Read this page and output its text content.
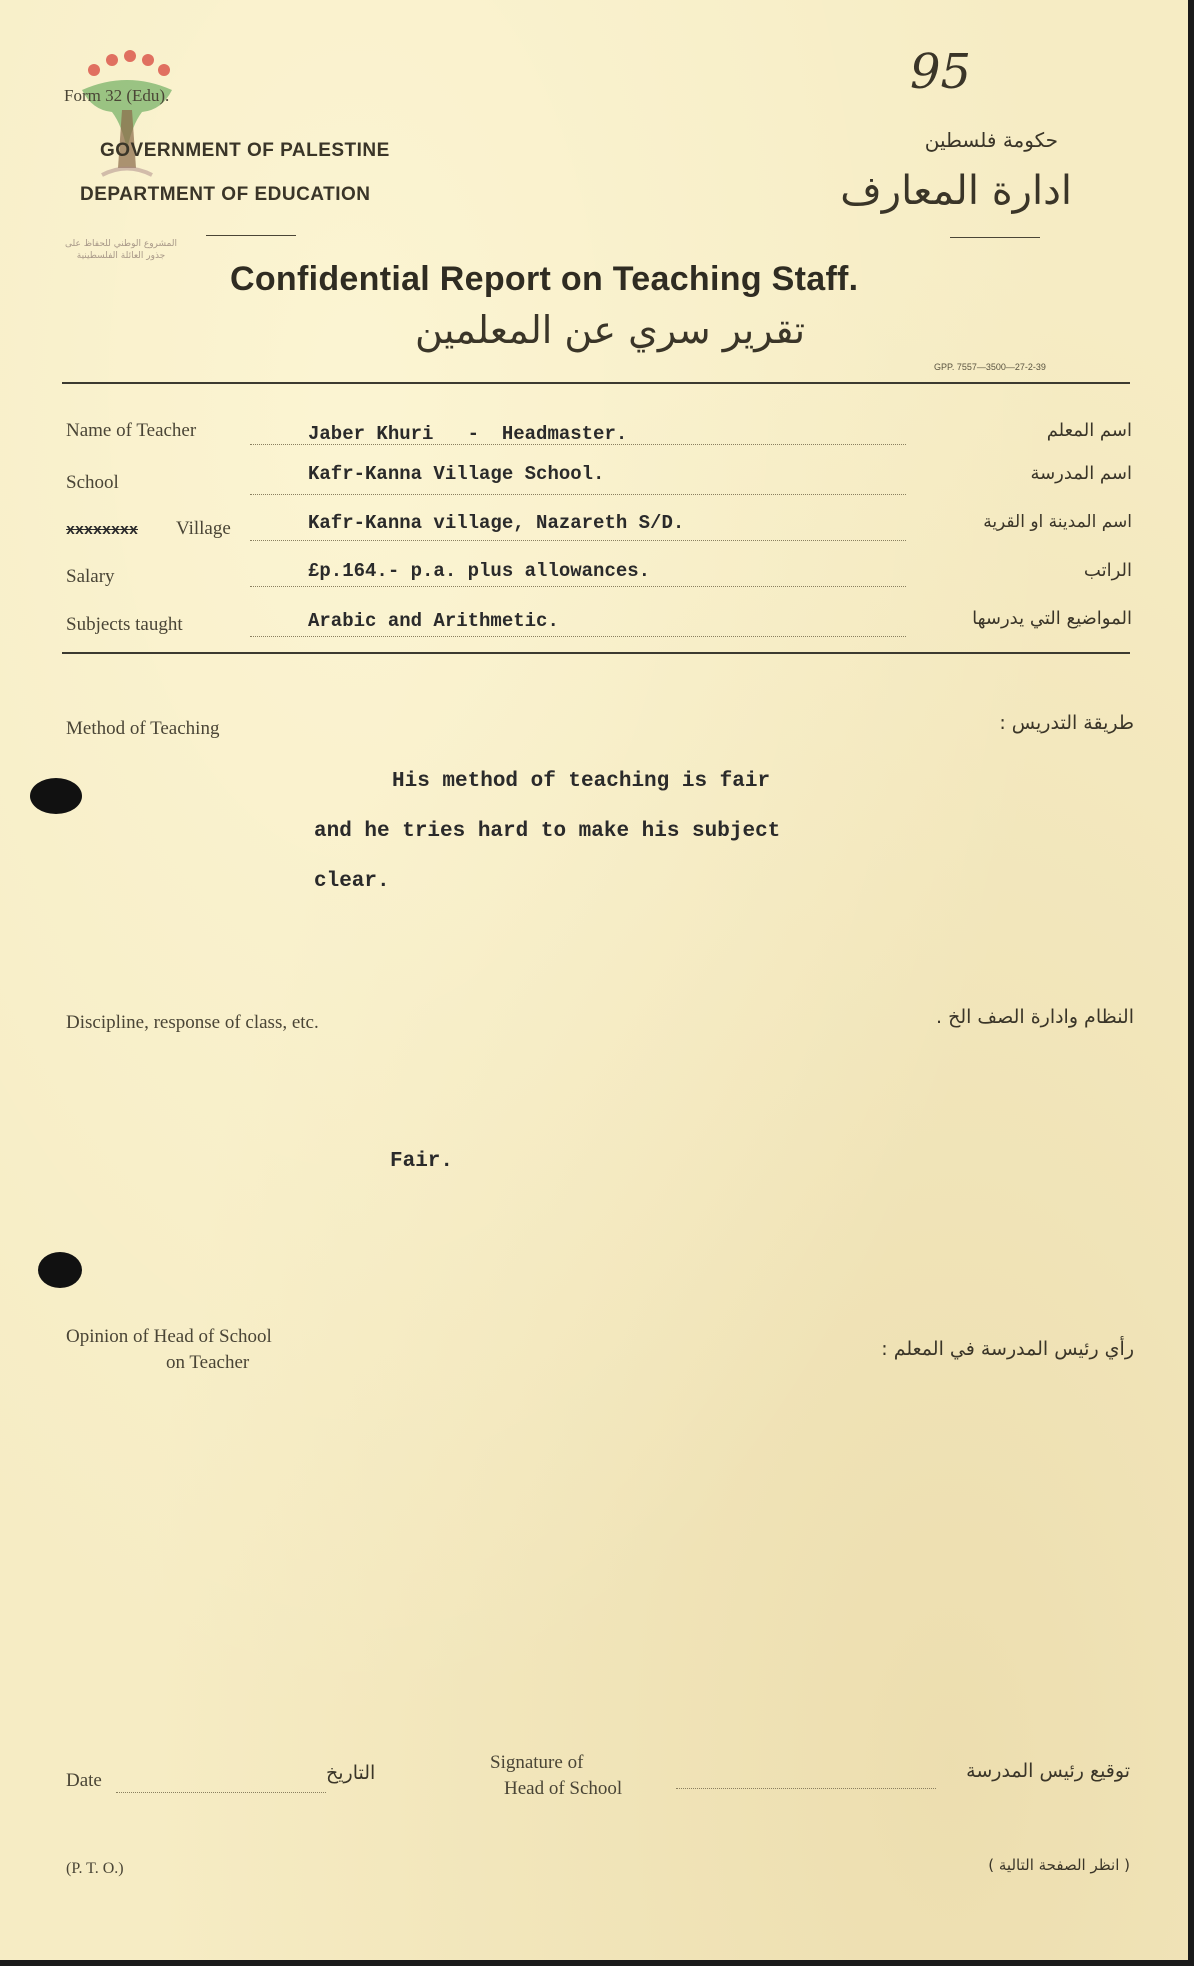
المشروع الوطني للحفاظ على جذور العائلة الفلسطينية
Form 32 (Edu).	95
GOVERNMENT OF PALESTINE
DEPARTMENT OF EDUCATION
حكومة فلسطين
ادارة المعارف
Confidential Report on Teaching Staff.
تقرير سري عن المعلمين
GPP. 7557—3500—27-2-39
Name of Teacher	Jaber Khuri   -  Headmaster.	اسم المعلم
School	Kafr-Kanna Village School.	اسم المدرسة
xxxxxxxx Village	Kafr-Kanna village, Nazareth S/D.	اسم المدينة او القرية
Salary	£p.164.- p.a. plus allowances.	الراتب
Subjects taught	Arabic and Arithmetic.	المواضيع التي يدرسها
Method of Teaching	طريقة التدريس :
His method of teaching is fair
and he tries hard to make his subject
clear.
Discipline, response of class, etc.	النظام وادارة الصف الخ .
Fair.
Opinion of Head of School
on Teacher
رأي رئيس المدرسة في المعلم :
Date	التاريخ	Signature of
Head of School
توقيع رئيس المدرسة
(P. T. O.)	( انظر الصفحة التالية )
